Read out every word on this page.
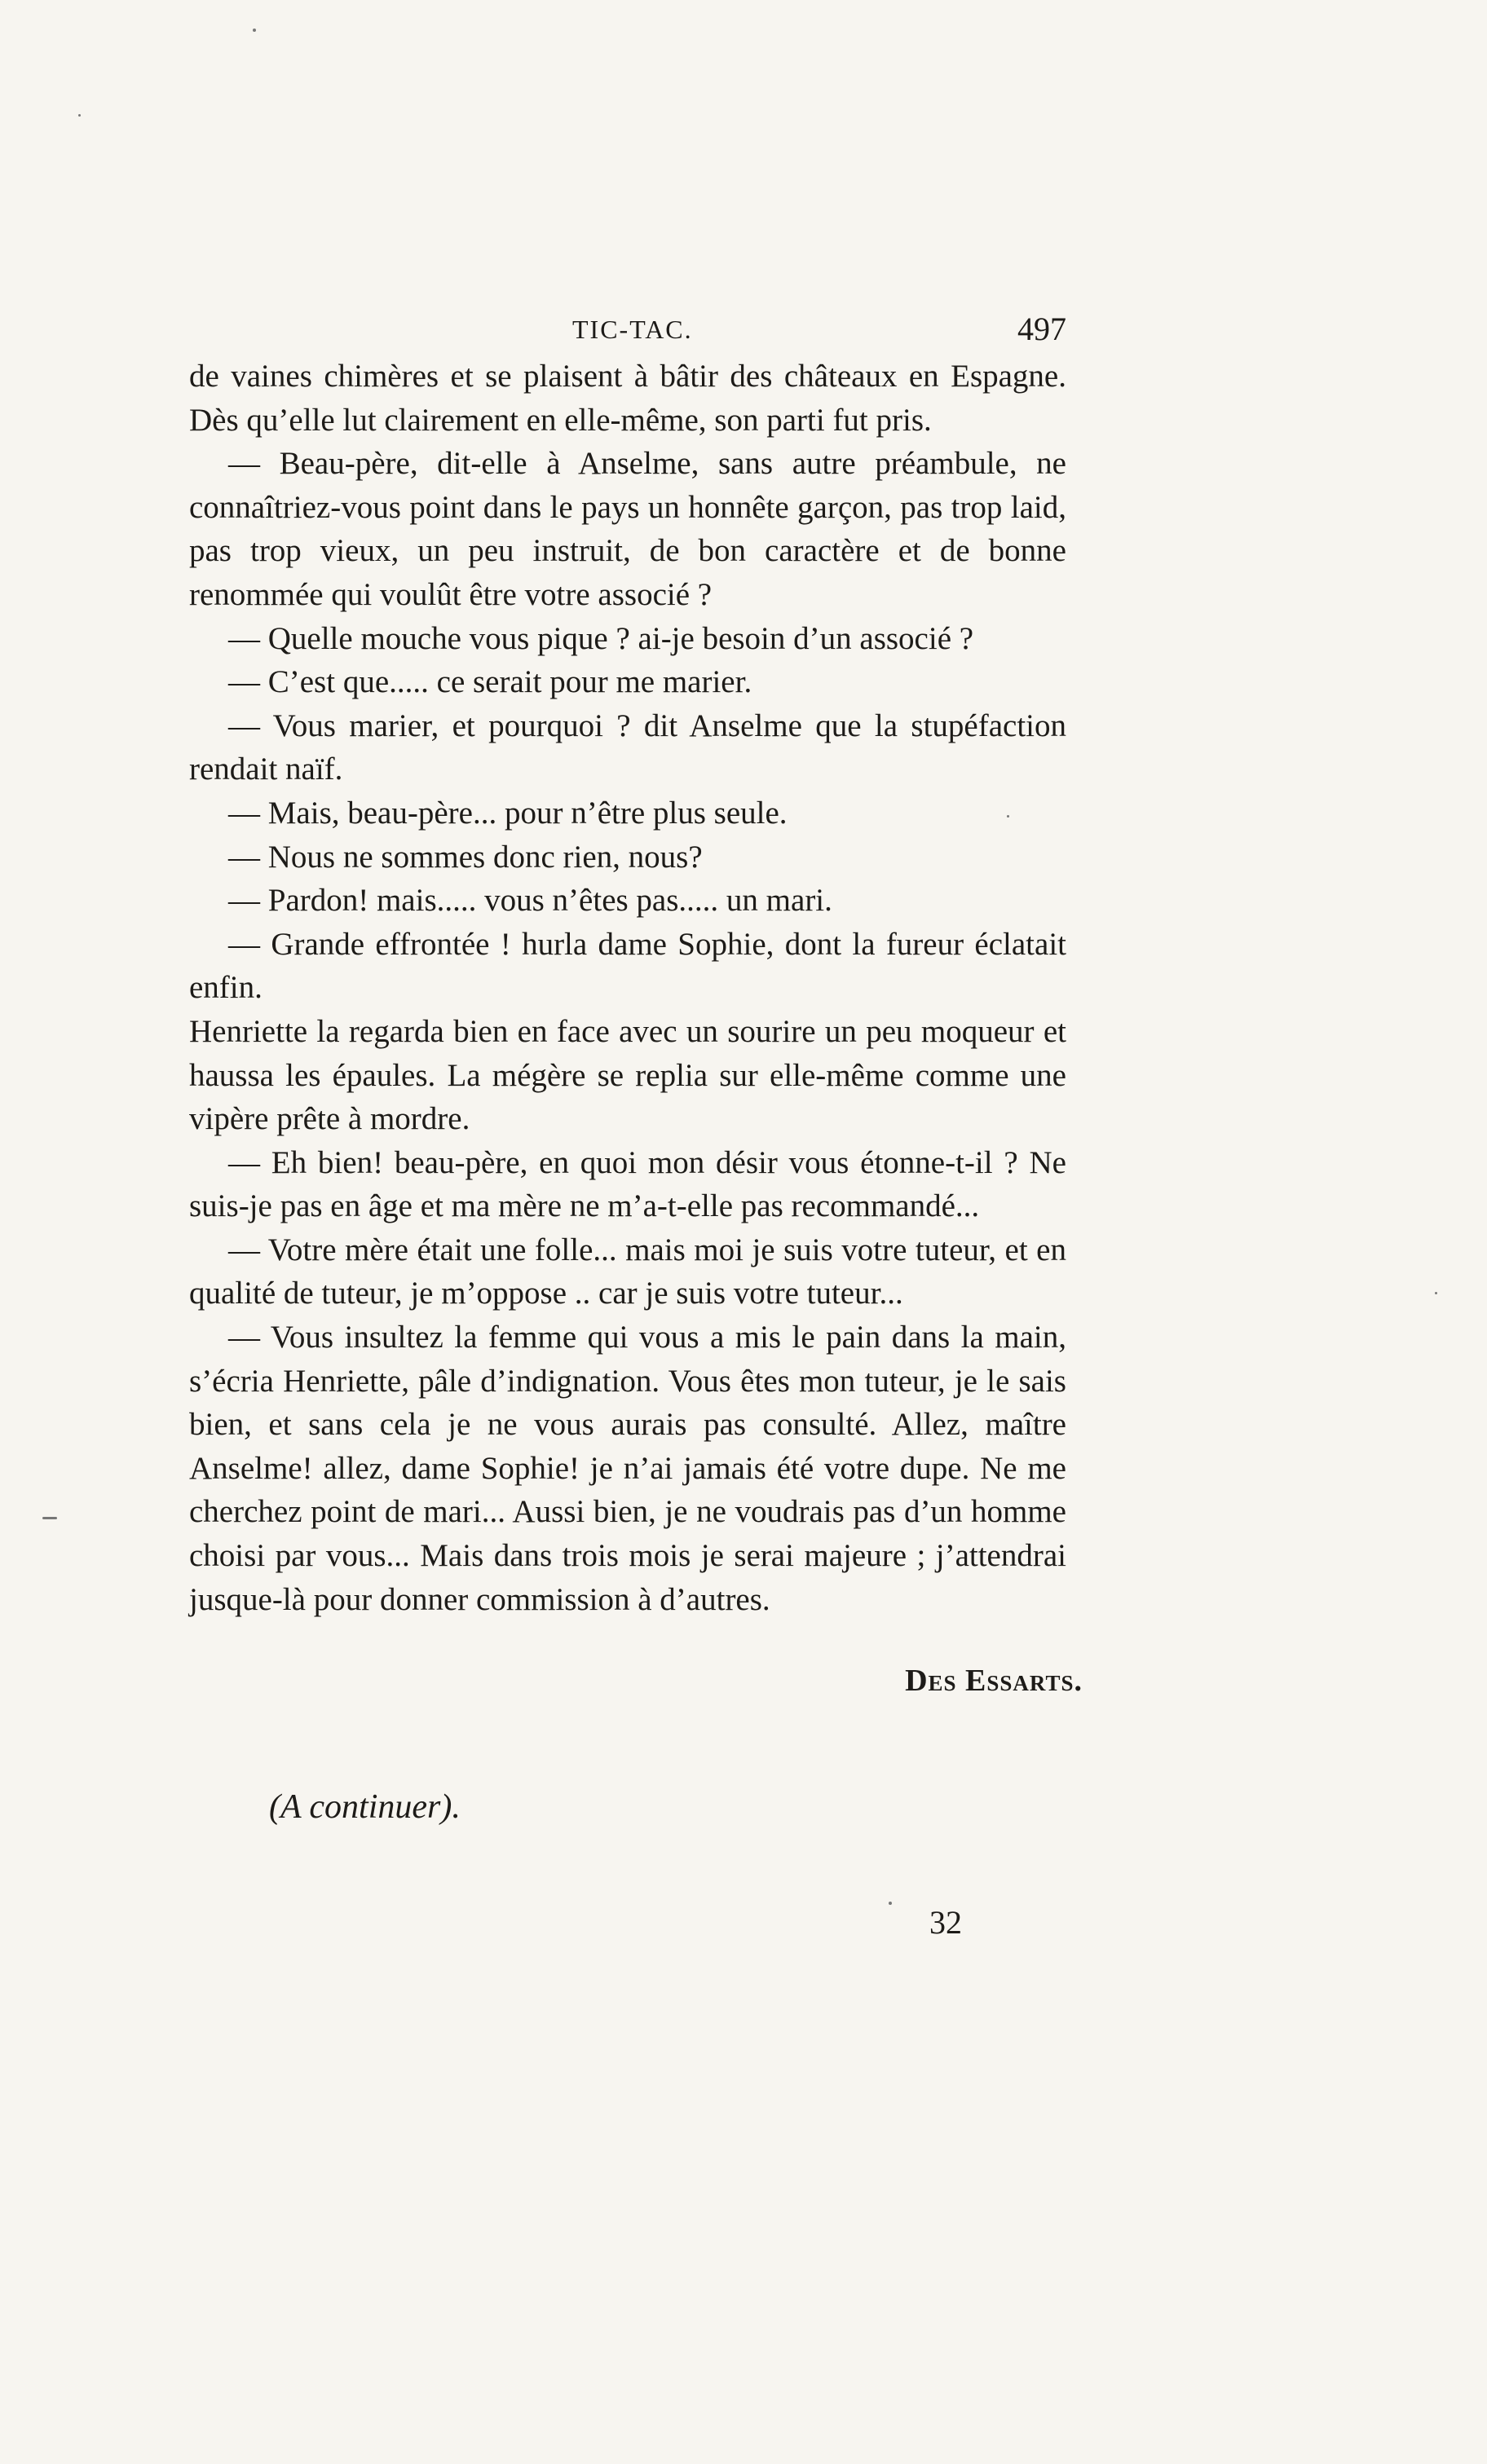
TIC-TAC.	497

de vaines chimères et se plaisent à bâtir des châteaux en Espagne. Dès qu’elle lut clairement en elle-même, son parti fut pris.

— Beau-père, dit-elle à Anselme, sans autre préambule, ne connaîtriez-vous point dans le pays un honnête garçon, pas trop laid, pas trop vieux, un peu instruit, de bon caractère et de bonne renommée qui voulût être votre associé ?

— Quelle mouche vous pique ? ai-je besoin d’un associé ?

— C’est que..... ce serait pour me marier.

— Vous marier, et pourquoi ? dit Anselme que la stupéfaction rendait naïf.

— Mais, beau-père... pour n’être plus seule.

— Nous ne sommes donc rien, nous?

— Pardon! mais..... vous n’êtes pas..... un mari.

— Grande effrontée ! hurla dame Sophie, dont la fureur éclatait enfin.

Henriette la regarda bien en face avec un sourire un peu moqueur et haussa les épaules. La mégère se replia sur elle-même comme une vipère prête à mordre.

— Eh bien! beau-père, en quoi mon désir vous étonne-t-il ? Ne suis-je pas en âge et ma mère ne m’a-t-elle pas recommandé...

— Votre mère était une folle... mais moi je suis votre tuteur, et en qualité de tuteur, je m’oppose .. car je suis votre tuteur...

— Vous insultez la femme qui vous a mis le pain dans la main, s’écria Henriette, pâle d’indignation. Vous êtes mon tuteur, je le sais bien, et sans cela je ne vous aurais pas consulté. Allez, maître Anselme! allez, dame Sophie! je n’ai jamais été votre dupe. Ne me cherchez point de mari... Aussi bien, je ne voudrais pas d’un homme choisi par vous... Mais dans trois mois je serai majeure ; j’attendrai jusque-là pour donner commission à d’autres.

Des Essarts.
(A continuer).
32
